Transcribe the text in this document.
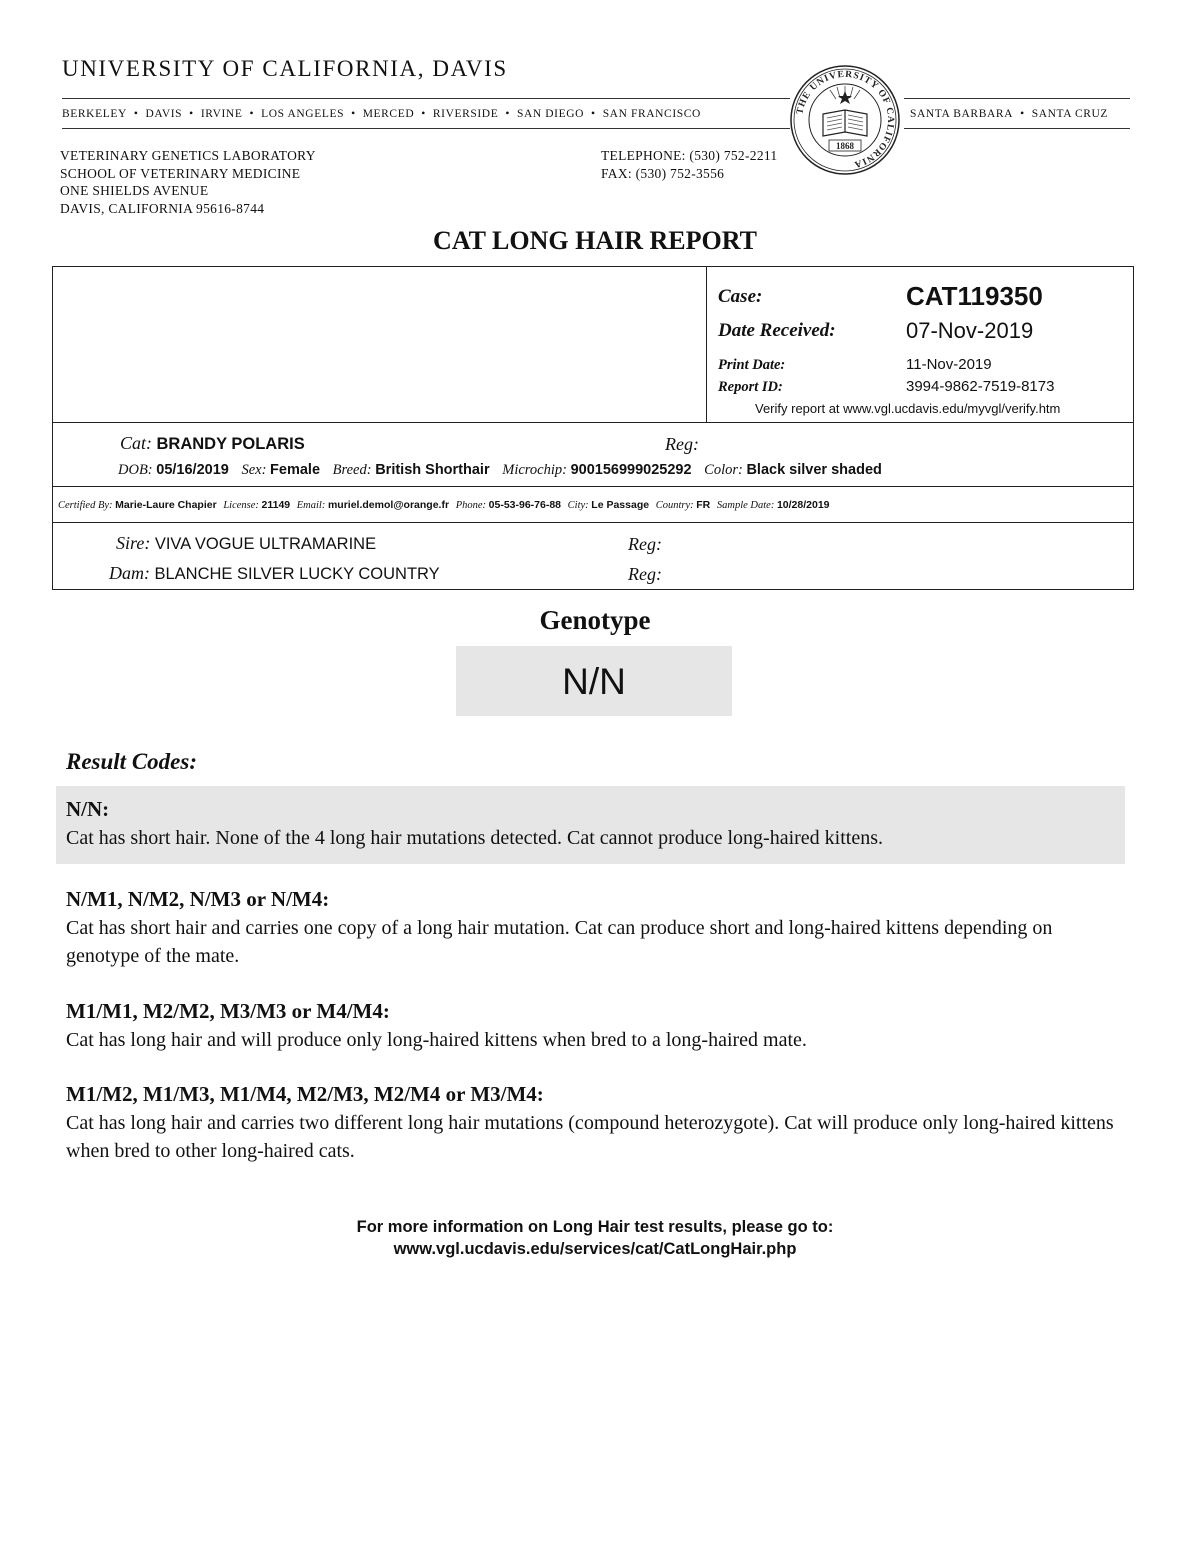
UNIVERSITY OF CALIFORNIA, DAVIS
BERKELEY • DAVIS • IRVINE • LOS ANGELES • MERCED • RIVERSIDE • SAN DIEGO • SAN FRANCISCO	SANTA BARBARA • SANTA CRUZ
THE UNIVERSITY OF CALIFORNIA
1868
VETERINARY GENETICS LABORATORY
SCHOOL OF VETERINARY MEDICINE
ONE SHIELDS AVENUE
DAVIS, CALIFORNIA 95616-8744
TELEPHONE: (530) 752-2211
FAX: (530) 752-3556
CAT LONG HAIR REPORT
Case:	CAT119350
Date Received:	07-Nov-2019
Print Date:	11-Nov-2019
Report ID:	3994-9862-7519-8173
Verify report at www.vgl.ucdavis.edu/myvgl/verify.htm
Cat: BRANDY POLARIS	Reg:
DOB: 05/16/2019 Sex: Female Breed: British Shorthair Microchip: 900156999025292 Color: Black silver shaded
Certified By: Marie-Laure Chapier License: 21149 Email: muriel.demol@orange.fr Phone: 05-53-96-76-88 City: Le Passage Country: FR Sample Date: 10/28/2019
Sire: VIVA VOGUE ULTRAMARINE	Reg:
Dam: BLANCHE SILVER LUCKY COUNTRY	Reg:
Genotype
N/N
Result Codes:
N/N:
Cat has short hair. None of the 4 long hair mutations detected. Cat cannot produce long-haired kittens.
N/M1, N/M2, N/M3 or N/M4:
Cat has short hair and carries one copy of a long hair mutation. Cat can produce short and long-haired kittens depending on genotype of the mate.
M1/M1, M2/M2, M3/M3 or M4/M4:
Cat has long hair and will produce only long-haired kittens when bred to a long-haired mate.
M1/M2, M1/M3, M1/M4, M2/M3, M2/M4 or M3/M4:
Cat has long hair and carries two different long hair mutations (compound heterozygote). Cat will produce only long-haired kittens when bred to other long-haired cats.
For more information on Long Hair test results, please go to:
www.vgl.ucdavis.edu/services/cat/CatLongHair.php
